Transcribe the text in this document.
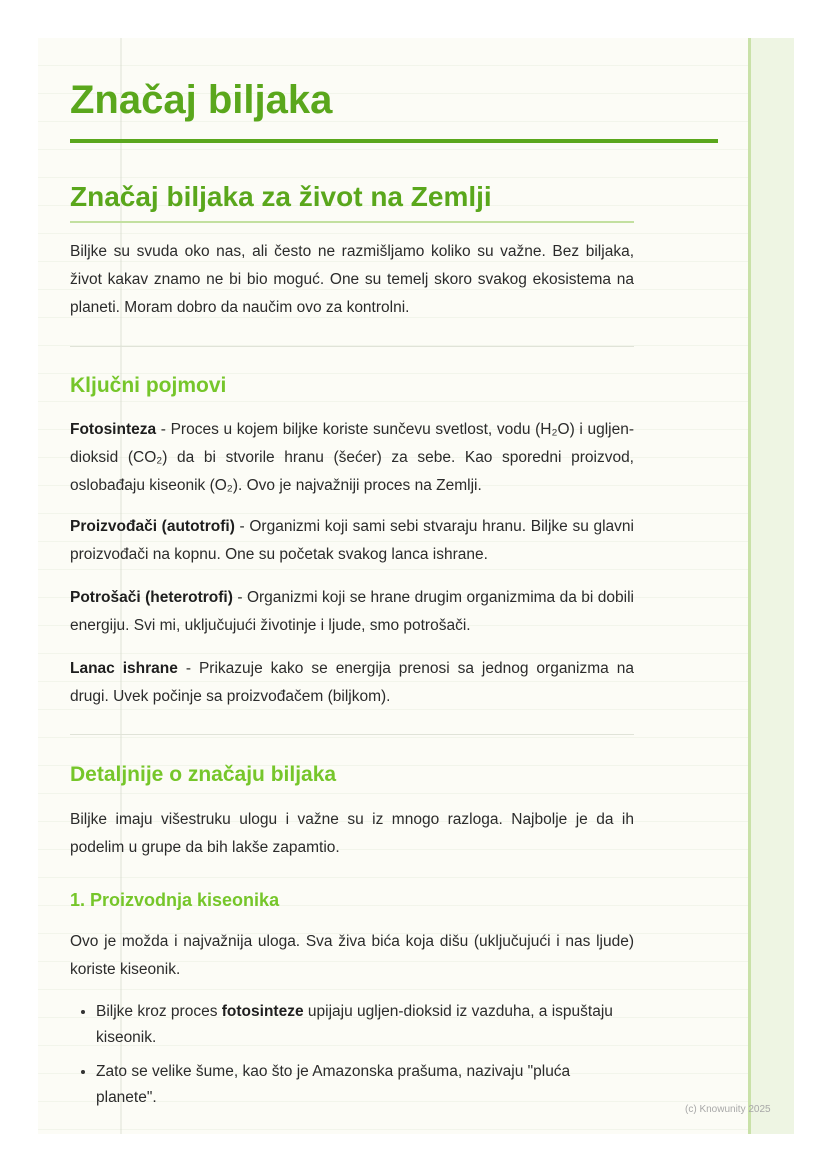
Značaj biljaka
Značaj biljaka za život na Zemlji

Biljke su svuda oko nas, ali često ne razmišljamo koliko su važne. Bez biljaka, život kakav znamo ne bi bio moguć. One su temelj skoro svakog ekosistema na planeti. Moram dobro da naučim ovo za kontrolni.

Ključni pojmovi

Fotosinteza - Proces u kojem biljke koriste sunčevu svetlost, vodu (H₂O) i ugljen-dioksid (CO₂) da bi stvorile hranu (šećer) za sebe. Kao sporedni proizvod, oslobađaju kiseonik (O₂). Ovo je najvažniji proces na Zemlji.

Proizvođači (autotrofi) - Organizmi koji sami sebi stvaraju hranu. Biljke su glavni proizvođači na kopnu. One su početak svakog lanca ishrane.

Potrošači (heterotrofi) - Organizmi koji se hrane drugim organizmima da bi dobili energiju. Svi mi, uključujući životinje i ljude, smo potrošači.

Lanac ishrane - Prikazuje kako se energija prenosi sa jednog organizma na drugi. Uvek počinje sa proizvođačem (biljkom).

Detaljnije o značaju biljaka

Biljke imaju višestruku ulogu i važne su iz mnogo razloga. Najbolje je da ih podelim u grupe da bih lakše zapamtio.

1. Proizvodnja kiseonika

Ovo je možda i najvažnija uloga. Sva živa bića koja dišu (uključujući i nas ljude) koriste kiseonik.

• Biljke kroz proces fotosinteze upijaju ugljen-dioksid iz vazduha, a ispuštaju kiseonik.
• Zato se velike šume, kao što je Amazonska prašuma, nazivaju "pluća planete".
(c) Knowunity 2025
